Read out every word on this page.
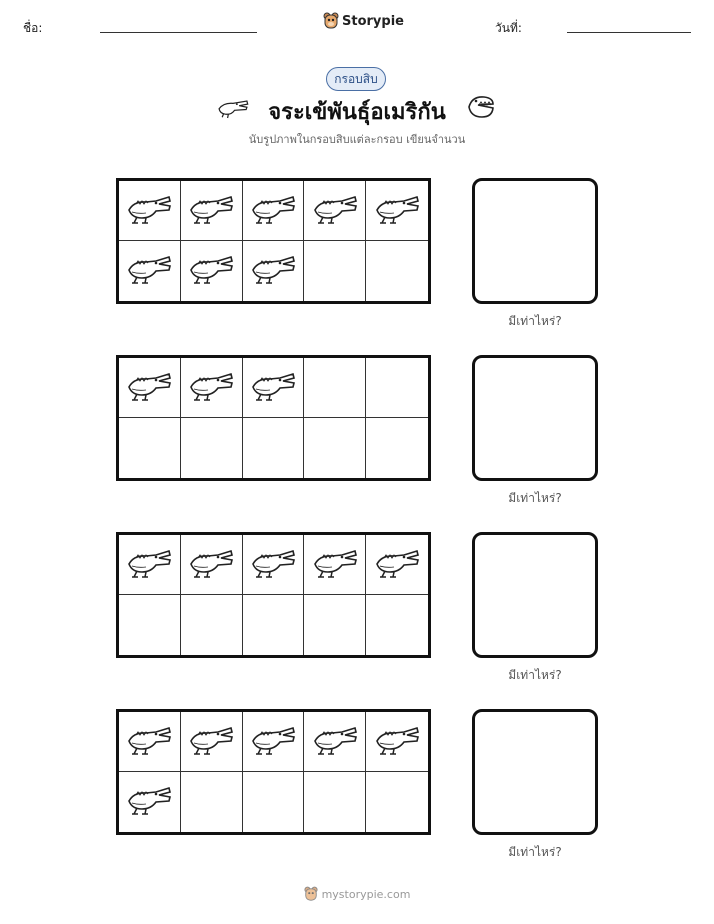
ชื่อ:	Storypie	วันที่:
กรอบสิบ
จระเข้พันธุ์อเมริกัน
นับรูปภาพในกรอบสิบแต่ละกรอบ เขียนจำนวน
มีเท่าไหร่?
มีเท่าไหร่?
มีเท่าไหร่?
มีเท่าไหร่?
mystorypie.com
